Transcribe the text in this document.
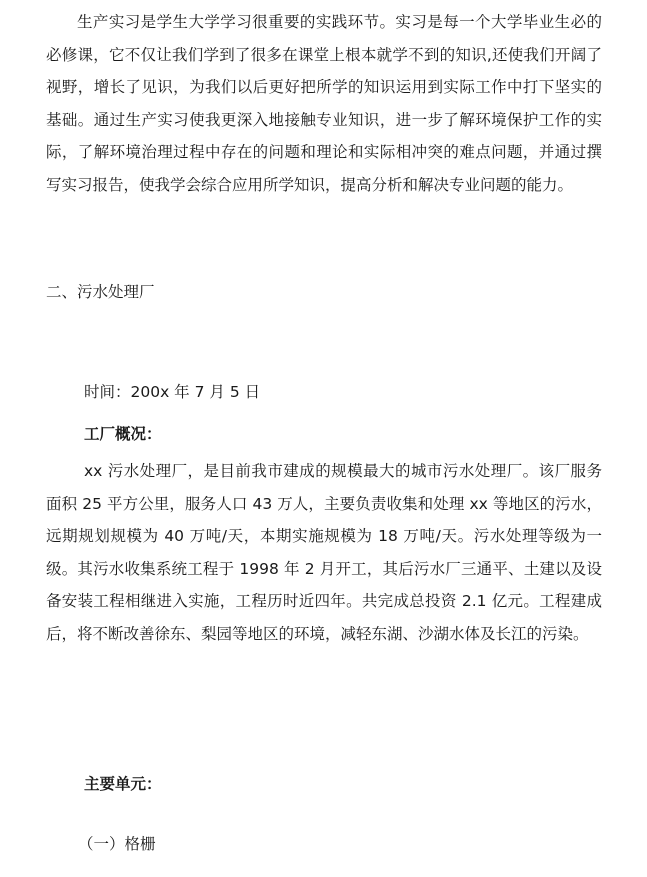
生产实习是学生大学学习很重要的实践环节。实习是每一个大学毕业生必的必修课，它不仅让我们学到了很多在课堂上根本就学不到的知识,还使我们开阔了视野，增长了见识，为我们以后更好把所学的知识运用到实际工作中打下坚实的基础。通过生产实习使我更深入地接触专业知识，进一步了解环境保护工作的实际，了解环境治理过程中存在的问题和理论和实际相冲突的难点问题，并通过撰写实习报告，使我学会综合应用所学知识，提高分析和解决专业问题的能力。

二、污水处理厂

时间：200x 年 7 月 5 日

工厂概况：

xx 污水处理厂，是目前我市建成的规模最大的城市污水处理厂。该厂服务面积 25 平方公里，服务人口 43 万人，主要负责收集和处理 xx 等地区的污水，远期规划规模为 40 万吨/天，本期实施规模为 18 万吨/天。污水处理等级为一级。其污水收集系统工程于 1998 年 2 月开工，其后污水厂三通平、土建以及设备安装工程相继进入实施，工程历时近四年。共完成总投资 2.1 亿元。工程建成后，将不断改善徐东、梨园等地区的环境，减轻东湖、沙湖水体及长江的污染。

主要单元：

（一）格栅
